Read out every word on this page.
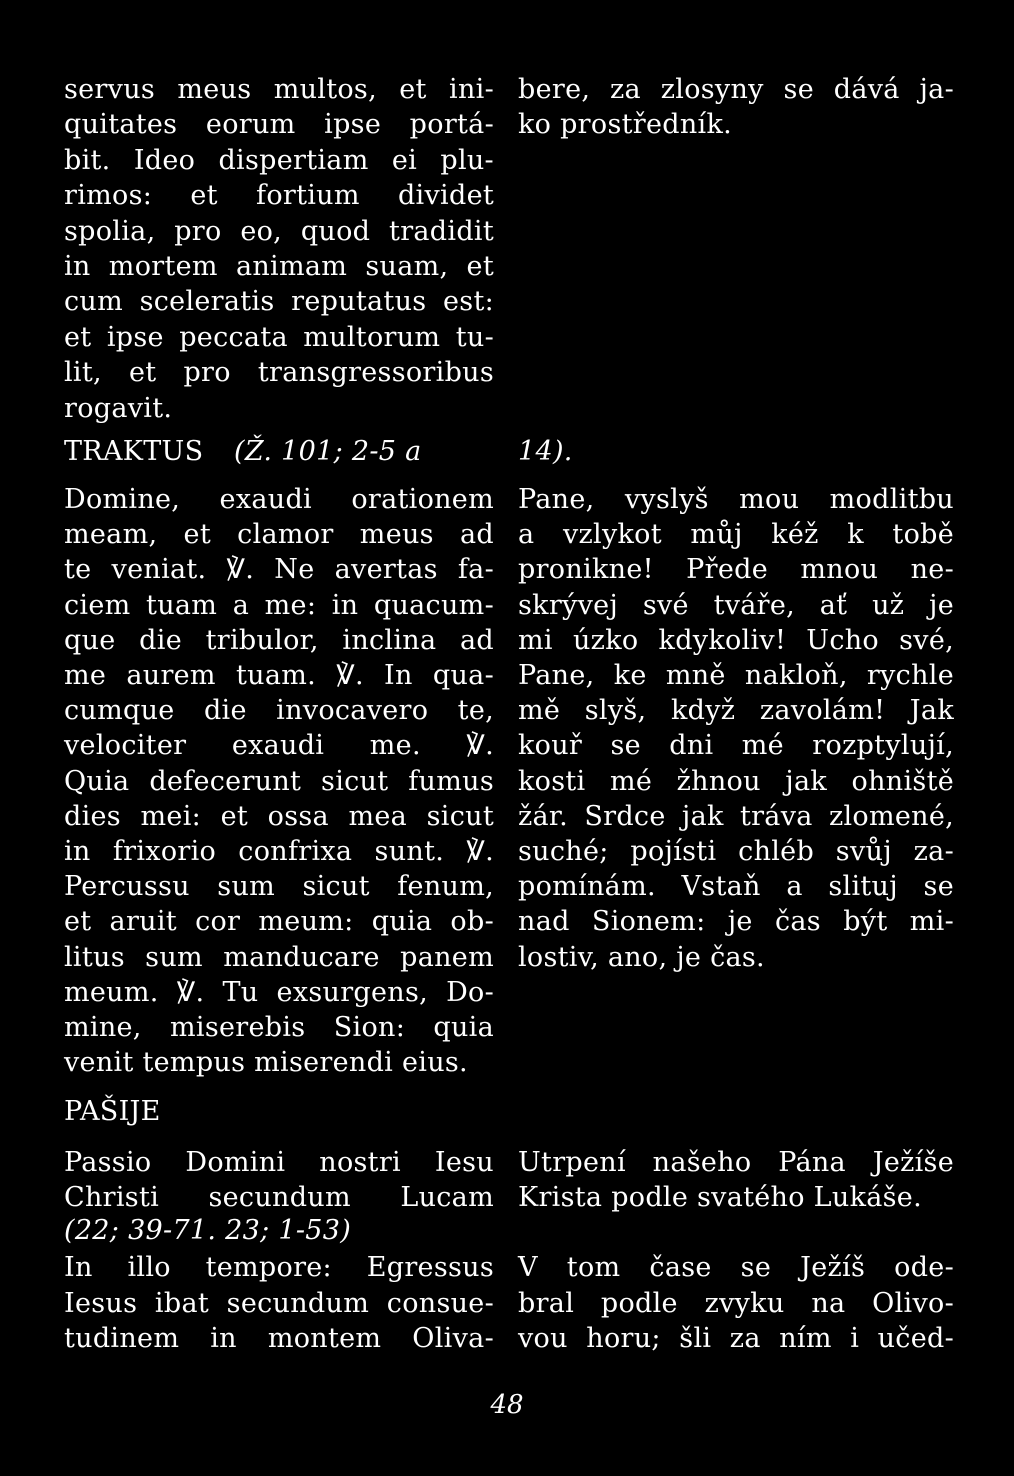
servus meus multos, et ini-
quitates eorum ipse portá-
bit. Ideo dispertiam ei plu-
rimos: et fortium dividet
spolia, pro eo, quod tradidit
in mortem animam suam, et
cum sceleratis reputatus est:
et ipse peccata multorum tu-
lit, et pro transgressoribus
rogavit.
TRAKTUS	(Ž. 101; 2-5 a
Domine, exaudi orationem
meam, et clamor meus ad
te veniat. ℣. Ne avertas fa-
ciem tuam a me: in quacum-
que die tribulor, inclina ad
me aurem tuam. ℣. In qua-
cumque die invocavero te,
velociter exaudi me. ℣.
Quia defecerunt sicut fumus
dies mei: et ossa mea sicut
in frixorio confrixa sunt. ℣.
Percussu sum sicut fenum,
et aruit cor meum: quia ob-
litus sum manducare panem
meum. ℣. Tu exsurgens, Do-
mine, miserebis Sion: quia
venit tempus miserendi eius.
PAŠIJE
Passio Domini nostri Iesu
Christi secundum Lucam
(22; 39-71. 23; 1-53)
In illo tempore: Egressus
Iesus ibat secundum consue-
tudinem in montem Oliva-
bere, za zlosyny se dává ja-
ko prostředník.
14).
Pane, vyslyš mou modlitbu
a vzlykot můj kéž k tobě
pronikne! Přede mnou ne-
skrývej své tváře, ať už je
mi úzko kdykoliv! Ucho své,
Pane, ke mně nakloň, rychle
mě slyš, když zavolám! Jak
kouř se dni mé rozptylují,
kosti mé žhnou jak ohniště
žár. Srdce jak tráva zlomené,
suché; pojísti chléb svůj za-
pomínám. Vstaň a slituj se
nad Sionem: je čas být mi-
lostiv, ano, je čas.
Utrpení našeho Pána Ježíše
Krista podle svatého Lukáše.
V tom čase se Ježíš ode-
bral podle zvyku na Olivo-
vou horu; šli za ním i učed-
48
